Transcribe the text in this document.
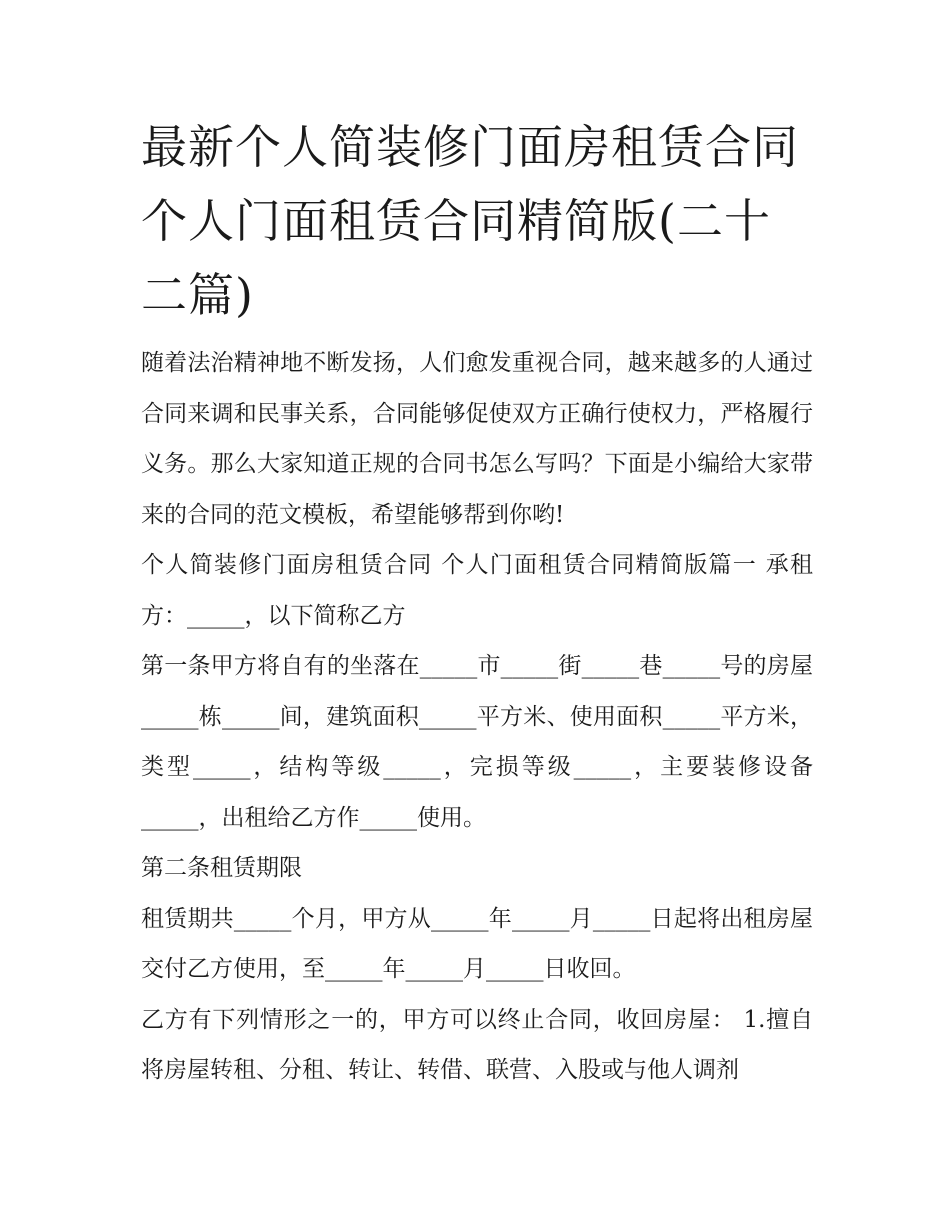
最新个人简装修门面房租赁合同 个人门面租赁合同精简版(二十二篇)

随着法治精神地不断发扬，人们愈发重视合同，越来越多的人通过合同来调和民事关系，合同能够促使双方正确行使权力，严格履行义务。那么大家知道正规的合同书怎么写吗？下面是小编给大家带来的合同的范文模板，希望能够帮到你哟!

个人简装修门面房租赁合同 个人门面租赁合同精简版篇一 承租方：_____，以下简称乙方

第一条甲方将自有的坐落在_____市_____街_____巷_____号的房屋_____栋_____间，建筑面积_____平方米、使用面积_____平方米，类型_____，结构等级_____，完损等级_____，主要装修设备_____，出租给乙方作_____使用。

第二条租赁期限

租赁期共_____个月，甲方从_____年_____月_____日起将出租房屋交付乙方使用，至_____年_____月_____日收回。

乙方有下列情形之一的，甲方可以终止合同，收回房屋： 1.擅自将房屋转租、分租、转让、转借、联营、入股或与他人调剂
